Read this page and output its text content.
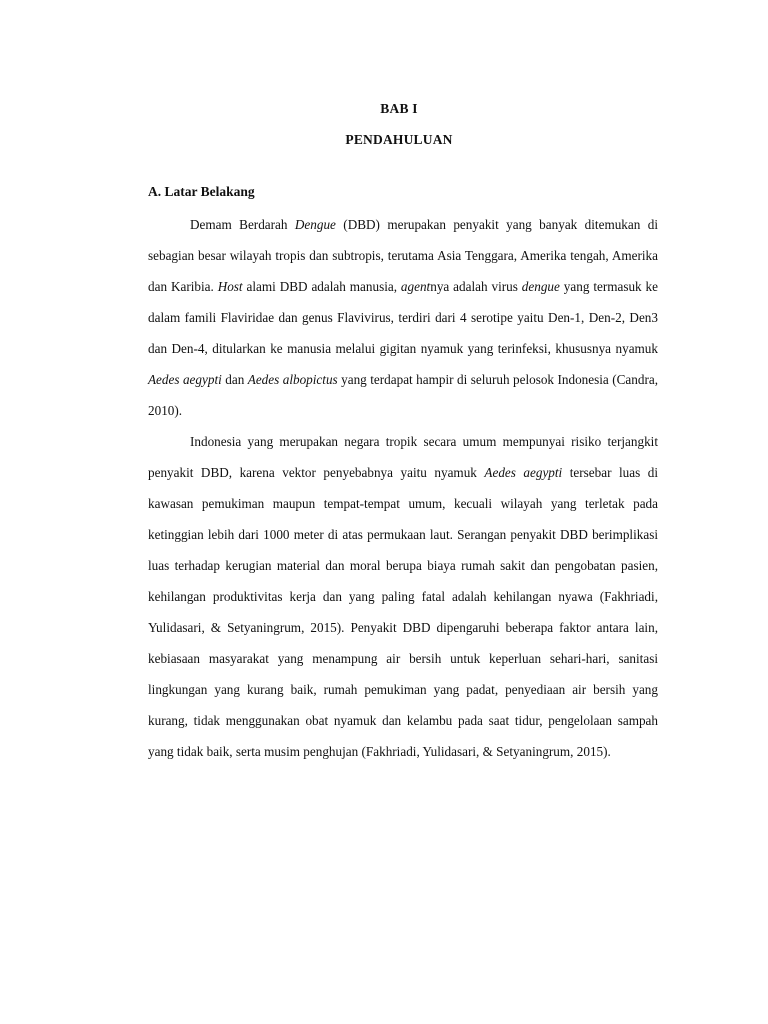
BAB I
PENDAHULUAN
A. Latar Belakang

Demam Berdarah Dengue (DBD) merupakan penyakit yang banyak ditemukan di sebagian besar wilayah tropis dan subtropis, terutama Asia Tenggara, Amerika tengah, Amerika dan Karibia. Host alami DBD adalah manusia, agentnya adalah virus dengue yang termasuk ke dalam famili Flaviridae dan genus Flavivirus, terdiri dari 4 serotipe yaitu Den-1, Den-2, Den3 dan Den-4, ditularkan ke manusia melalui gigitan nyamuk yang terinfeksi, khususnya nyamuk Aedes aegypti dan Aedes albopictus yang terdapat hampir di seluruh pelosok Indonesia (Candra, 2010).

Indonesia yang merupakan negara tropik secara umum mempunyai risiko terjangkit penyakit DBD, karena vektor penyebabnya yaitu nyamuk Aedes aegypti tersebar luas di kawasan pemukiman maupun tempat-tempat umum, kecuali wilayah yang terletak pada ketinggian lebih dari 1000 meter di atas permukaan laut. Serangan penyakit DBD berimplikasi luas terhadap kerugian material dan moral berupa biaya rumah sakit dan pengobatan pasien, kehilangan produktivitas kerja dan yang paling fatal adalah kehilangan nyawa (Fakhriadi, Yulidasari, & Setyaningrum, 2015). Penyakit DBD dipengaruhi beberapa faktor antara lain, kebiasaan masyarakat yang menampung air bersih untuk keperluan sehari-hari, sanitasi lingkungan yang kurang baik, rumah pemukiman yang padat, penyediaan air bersih yang kurang, tidak menggunakan obat nyamuk dan kelambu pada saat tidur, pengelolaan sampah yang tidak baik, serta musim penghujan (Fakhriadi, Yulidasari, & Setyaningrum, 2015).
